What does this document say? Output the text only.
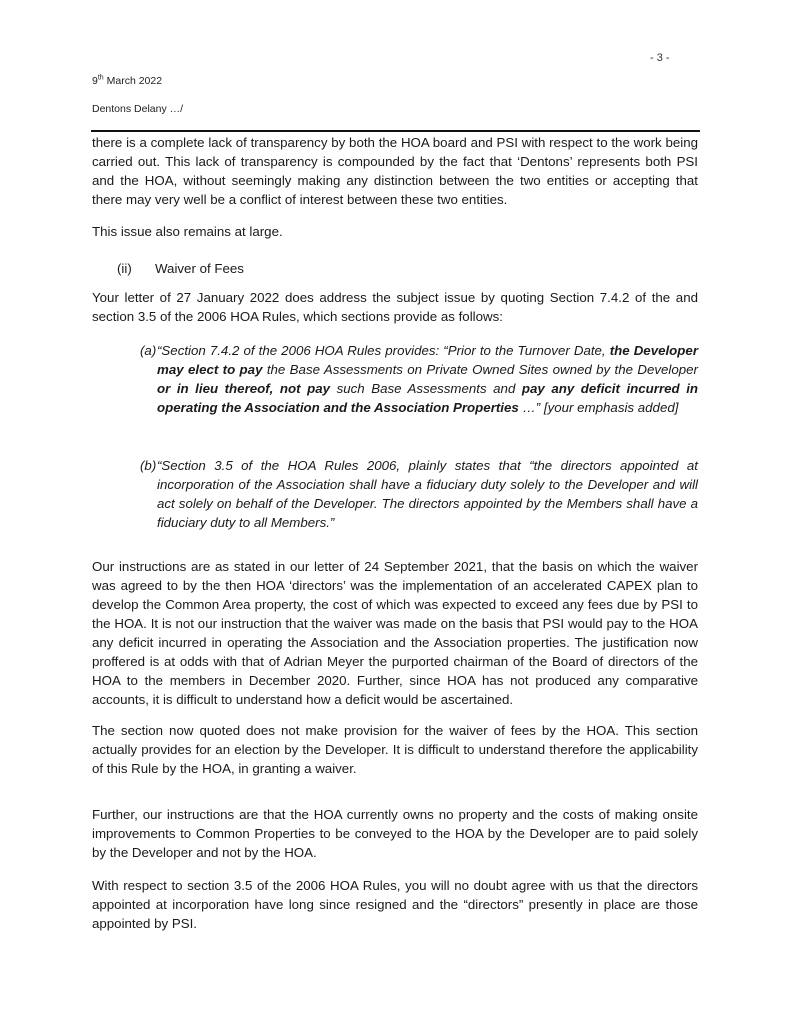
- 3 -
9th March 2022
Dentons Delany …/

there is a complete lack of transparency by both the HOA board and PSI with respect to the work being carried out. This lack of transparency is compounded by the fact that ‘Dentons’ represents both PSI and the HOA, without seemingly making any distinction between the two entities or accepting that there may very well be a conflict of interest between these two entities.

This issue also remains at large.

(ii) Waiver of Fees

Your letter of 27 January 2022 does address the subject issue by quoting Section 7.4.2 of the and section 3.5 of the 2006 HOA Rules, which sections provide as follows:

(a) “Section 7.4.2 of the 2006 HOA Rules provides: “Prior to the Turnover Date, the Developer may elect to pay the Base Assessments on Private Owned Sites owned by the Developer or in lieu thereof, not pay such Base Assessments and pay any deficit incurred in operating the Association and the Association Properties …” [your emphasis added]
(b) “Section 3.5 of the HOA Rules 2006, plainly states that “the directors appointed at incorporation of the Association shall have a fiduciary duty solely to the Developer and will act solely on behalf of the Developer. The directors appointed by the Members shall have a fiduciary duty to all Members.”

Our instructions are as stated in our letter of 24 September 2021, that the basis on which the waiver was agreed to by the then HOA ‘directors’ was the implementation of an accelerated CAPEX plan to develop the Common Area property, the cost of which was expected to exceed any fees due by PSI to the HOA. It is not our instruction that the waiver was made on the basis that PSI would pay to the HOA any deficit incurred in operating the Association and the Association properties. The justification now proffered is at odds with that of Adrian Meyer the purported chairman of the Board of directors of the HOA to the members in December 2020. Further, since HOA has not produced any comparative accounts, it is difficult to understand how a deficit would be ascertained.

The section now quoted does not make provision for the waiver of fees by the HOA. This section actually provides for an election by the Developer. It is difficult to understand therefore the applicability of this Rule by the HOA, in granting a waiver.

Further, our instructions are that the HOA currently owns no property and the costs of making onsite improvements to Common Properties to be conveyed to the HOA by the Developer are to paid solely by the Developer and not by the HOA.

With respect to section 3.5 of the 2006 HOA Rules, you will no doubt agree with us that the directors appointed at incorporation have long since resigned and the “directors” presently in place are those appointed by PSI.
